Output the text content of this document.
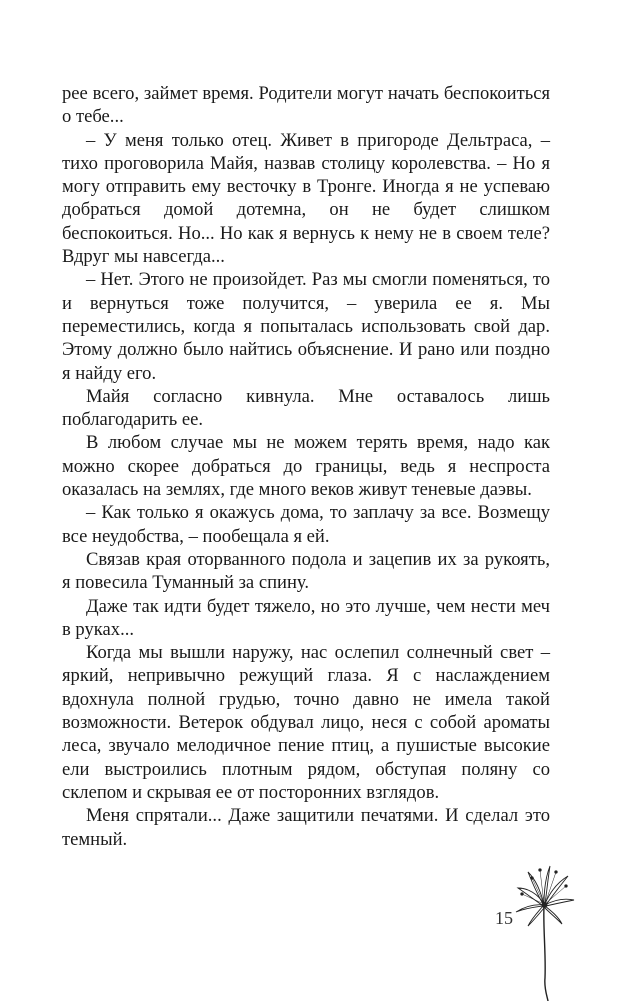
рее всего, займет время. Родители могут начать беспокоиться о тебе...

– У меня только отец. Живет в пригороде Дельтраса, – тихо проговорила Майя, назвав столицу королевства. – Но я могу отправить ему весточку в Тронге. Иногда я не успеваю добраться домой дотемна, он не будет слишком беспокоиться. Но... Но как я вернусь к нему не в своем теле? Вдруг мы навсегда...

– Нет. Этого не произойдет. Раз мы смогли поменяться, то и вернуться тоже получится, – уверила ее я. Мы переместились, когда я попыталась использовать свой дар. Этому должно было найтись объяснение. И рано или поздно я найду его.

Майя согласно кивнула. Мне оставалось лишь поблагодарить ее.

В любом случае мы не можем терять время, надо как можно скорее добраться до границы, ведь я неспроста оказалась на землях, где много веков живут теневые даэвы.

– Как только я окажусь дома, то заплачу за все. Возмещу все неудобства, – пообещала я ей.

Связав края оторванного подола и зацепив их за рукоять, я повесила Туманный за спину.

Даже так идти будет тяжело, но это лучше, чем нести меч в руках...

Когда мы вышли наружу, нас ослепил солнечный свет – яркий, непривычно режущий глаза. Я с наслаждением вдохнула полной грудью, точно давно не имела такой возможности. Ветерок обдувал лицо, неся с собой ароматы леса, звучало мелодичное пение птиц, а пушистые высокие ели выстроились плотным рядом, обступая поляну со склепом и скрывая ее от посторонних взглядов.

Меня спрятали... Даже защитили печатями. И сделал это темный.

15
